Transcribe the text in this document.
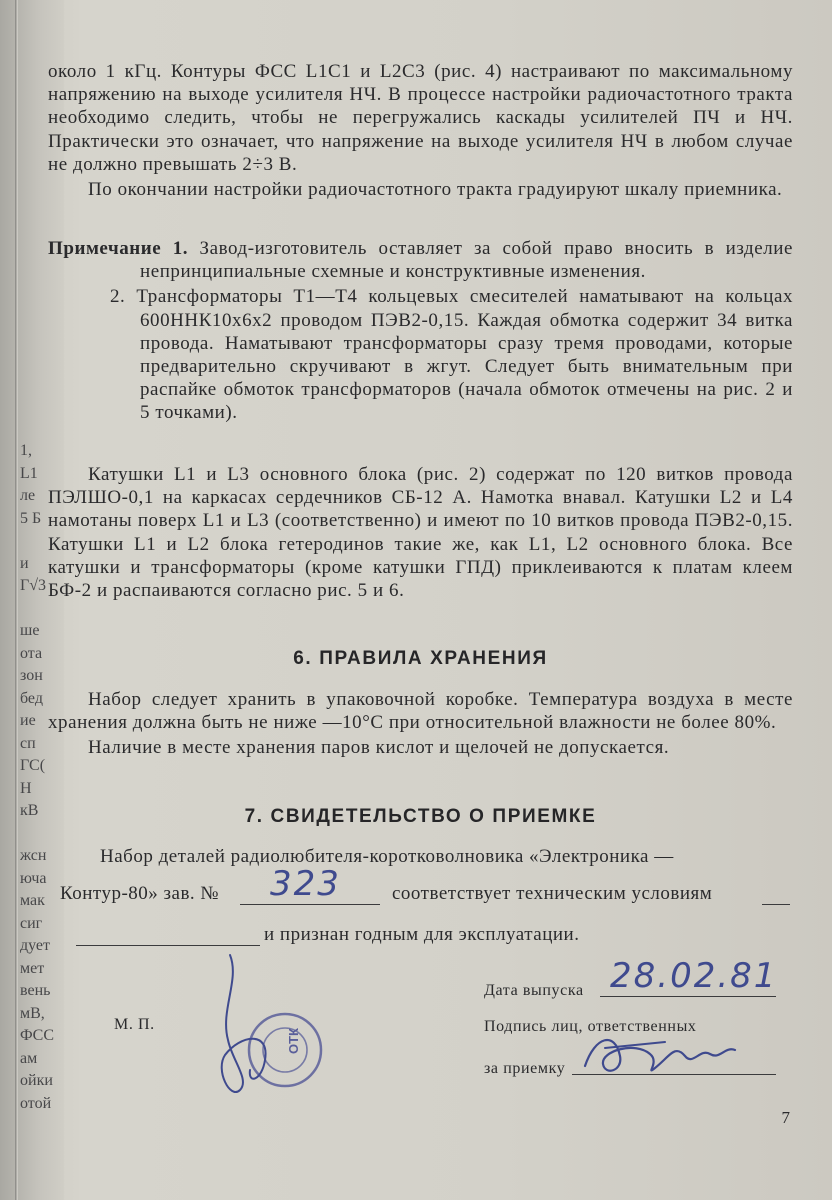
1,
L1
ле
5 Б

и
Г√3

ше
ота
зон
бед
ие
сп
ГС(
Н
кВ

жсн
юча
мак
сиг
дует
мет
вень
мВ,
ФСС
ам
ойки
отой

около 1 кГц. Контуры ФСС L1C1 и L2C3 (рис. 4) настраивают по максимальному напряжению на выходе усилителя НЧ. В процессе настройки радиочастотного тракта необходимо следить, чтобы не перегружались каскады усилителей ПЧ и НЧ. Практически это означает, что напряжение на выходе усилителя НЧ в любом случае не должно превышать 2÷3 В.

По окончании настройки радиочастотного тракта градуируют шкалу приемника.

Примечание 1. Завод-изготовитель оставляет за собой право вносить в изделие непринципиальные схемные и конструктивные изменения.

2. Трансформаторы Т1—Т4 кольцевых смесителей наматывают на кольцах 600ННК10х6х2 проводом ПЭВ2-0,15. Каждая обмотка содержит 34 витка провода. Наматывают трансформаторы сразу тремя проводами, которые предварительно скручивают в жгут. Следует быть внимательным при распайке обмоток трансформаторов (начала обмоток отмечены на рис. 2 и 5 точками).

Катушки L1 и L3 основного блока (рис. 2) содержат по 120 витков провода ПЭЛШО-0,1 на каркасах сердечников СБ-12 А. Намотка внавал. Катушки L2 и L4 намотаны поверх L1 и L3 (соответственно) и имеют по 10 витков провода ПЭВ2-0,15. Катушки L1 и L2 блока гетеродинов такие же, как L1, L2 основного блока. Все катушки и трансформаторы (кроме катушки ГПД) приклеиваются к платам клеем БФ-2 и распаиваются согласно рис. 5 и 6.

6. ПРАВИЛА ХРАНЕНИЯ

Набор следует хранить в упаковочной коробке. Температура воздуха в месте хранения должна быть не ниже —10°С при относительной влажности не более 80%.

Наличие в месте хранения паров кислот и щелочей не допускается.

7. СВИДЕТЕЛЬСТВО О ПРИЕМКЕ
Набор деталей радиолюбителя-коротковолновика «Электроника —
Контур-80» зав. № 323	соответствует техническим условиям
и признан годным для эксплуатации.
Дата выпуска 28.02.81
М. П.	Подпись лиц, ответственных
за приемку
ОТК
7
